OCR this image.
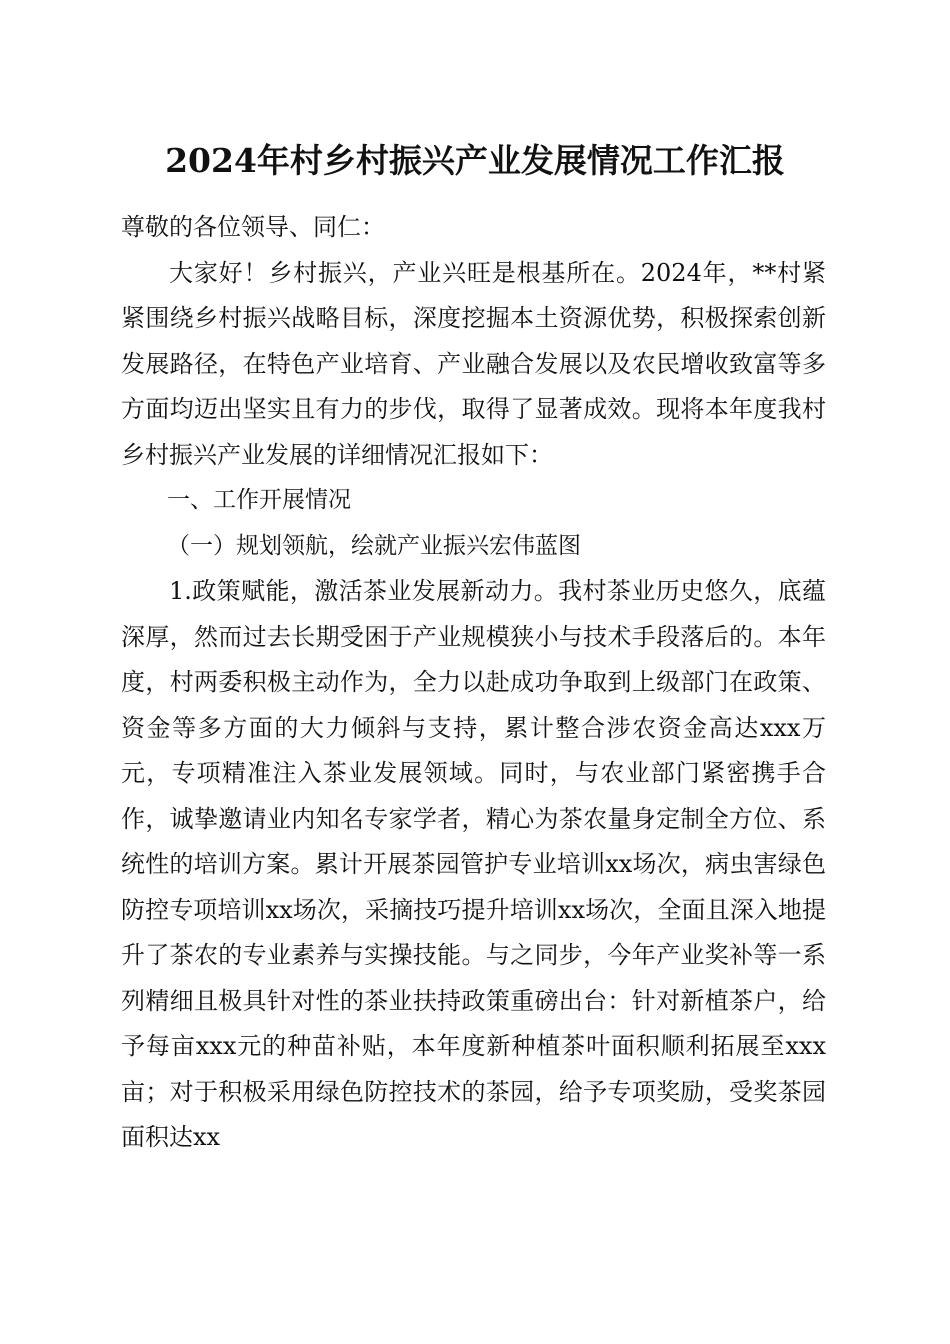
2024年村乡村振兴产业发展情况工作汇报

尊敬的各位领导、同仁：

大家好！乡村振兴，产业兴旺是根基所在。2024年，**村紧紧围绕乡村振兴战略目标，深度挖掘本土资源优势，积极探索创新发展路径，在特色产业培育、产业融合发展以及农民增收致富等多方面均迈出坚实且有力的步伐，取得了显著成效。现将本年度我村乡村振兴产业发展的详细情况汇报如下：

一、工作开展情况

（一）规划领航，绘就产业振兴宏伟蓝图

1.政策赋能，激活茶业发展新动力。我村茶业历史悠久，底蕴深厚，然而过去长期受困于产业规模狭小与技术手段落后的。本年度，村两委积极主动作为，全力以赴成功争取到上级部门在政策、资金等多方面的大力倾斜与支持，累计整合涉农资金高达xxx万元，专项精准注入茶业发展领域。同时，与农业部门紧密携手合作，诚挚邀请业内知名专家学者，精心为茶农量身定制全方位、系统性的培训方案。累计开展茶园管护专业培训xx场次，病虫害绿色防控专项培训xx场次，采摘技巧提升培训xx场次，全面且深入地提升了茶农的专业素养与实操技能。与之同步，今年产业奖补等一系列精细且极具针对性的茶业扶持政策重磅出台：针对新植茶户，给予每亩xxx元的种苗补贴，本年度新种植茶叶面积顺利拓展至xxx亩；对于积极采用绿色防控技术的茶园，给予专项奖励，受奖茶园面积达xx
